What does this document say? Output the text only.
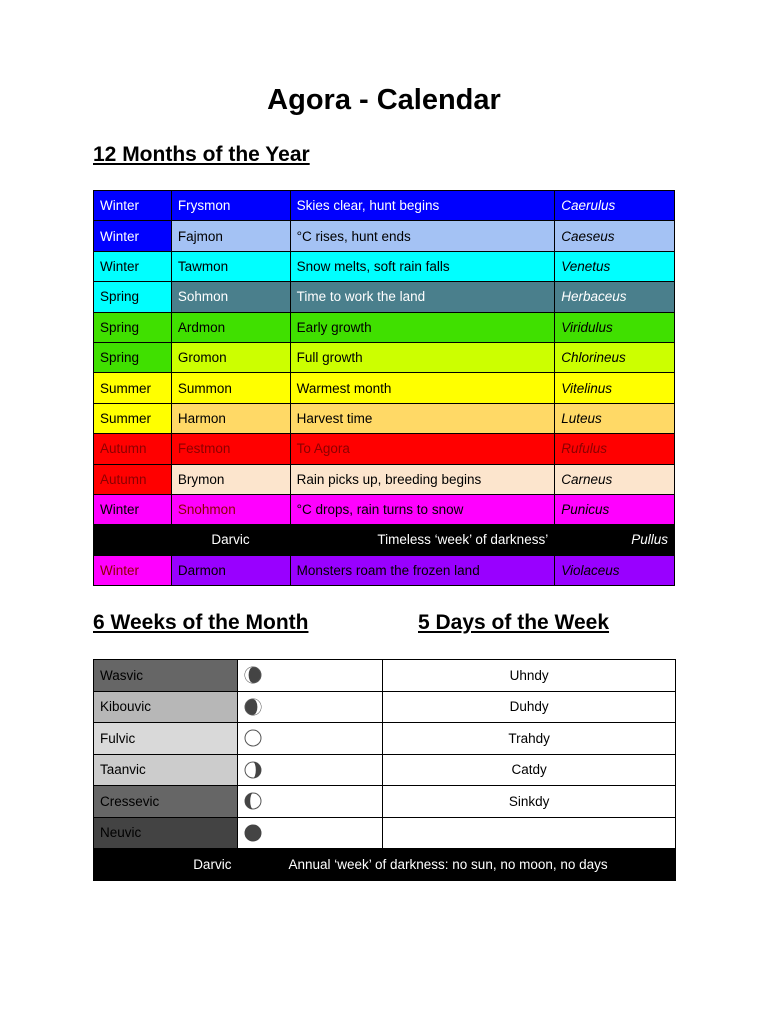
Agora - Calendar
12 Months of the Year
Winter	Frysmon	Skies clear, hunt begins	Caerulus
Winter	Fajmon	°C rises, hunt ends	Caeseus
Winter	Tawmon	Snow melts, soft rain falls	Venetus
Spring	Sohmon	Time to work the land	Herbaceus
Spring	Ardmon	Early growth	Viridulus
Spring	Gromon	Full growth	Chlorineus
Summer	Summon	Warmest month	Vitelinus
Summer	Harmon	Harvest time	Luteus
Autumn	Festmon	To Agora	Rufulus
Autumn	Brymon	Rain picks up, breeding begins	Carneus
Winter	Snohmon	°C drops, rain turns to snow	Punicus
Darvic		Timeless ‘week’ of darkness’	Pullus
Winter	Darmon	Monsters roam the frozen land	Violaceus
6 Weeks of the Month	5 Days of the Week
Wasvic		Uhndy
Kibouvic		Duhdy
Fulvic		Trahdy
Taanvic		Catdy
Cressevic		Sinkdy
Neuvic		
Darvic	Annual ‘week’ of darkness: no sun, no moon, no days	
